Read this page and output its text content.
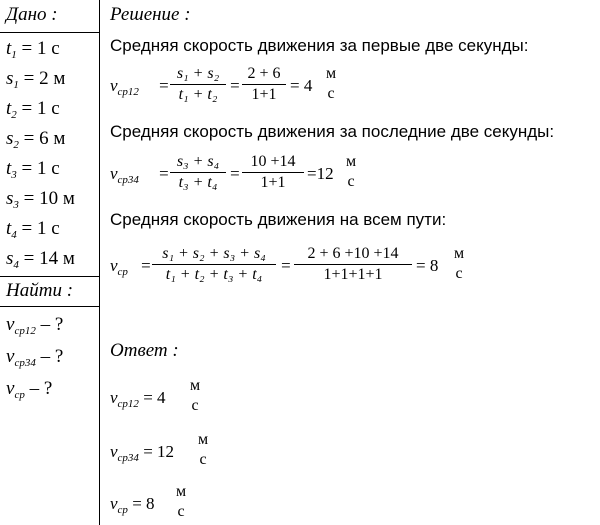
Дано :
$t_1 = 1$ с
$s_1 = 2$ м
$t_2 = 1$ с
$s_2 = 6$ м
$t_3 = 1$ с
$s_3 = 10$ м
$t_4 = 1$ с
$s_4 = 14$ м
Найти :
$v_{ср12}$ – ?
$v_{ср34}$ – ?
$v_{ср}$ – ?
Решение :
Средняя скорость движения за первые две секунды:
$v_{ср12} = \frac{\text{s₁ + s₂}}{\text{t₁ + t₂}} = \frac{2 + 6}{1+1} = 4$
м
с
Средняя скорость движения за последние две секунды:
$v_{ср34} = \frac{\text{s₃ + s₄}}{\text{t₃ + t₄}} = \frac{10 +14}{1+1} =12$
м
с
Средняя скорость движения на всем пути:
$v_{ср} = \frac{\text{s₁ + s₂ + s₃ + s₄}}{\text{t₁ + t₂ + t₃ + t₄}} = \frac{2 + 6 +10 +14}{1+1+1+1} = 8$
м
с
Ответ :
$v_{ср12} = 4$
м
с
$v_{ср34} = 12$
м
с
$v_{ср} = 8$
м
с
